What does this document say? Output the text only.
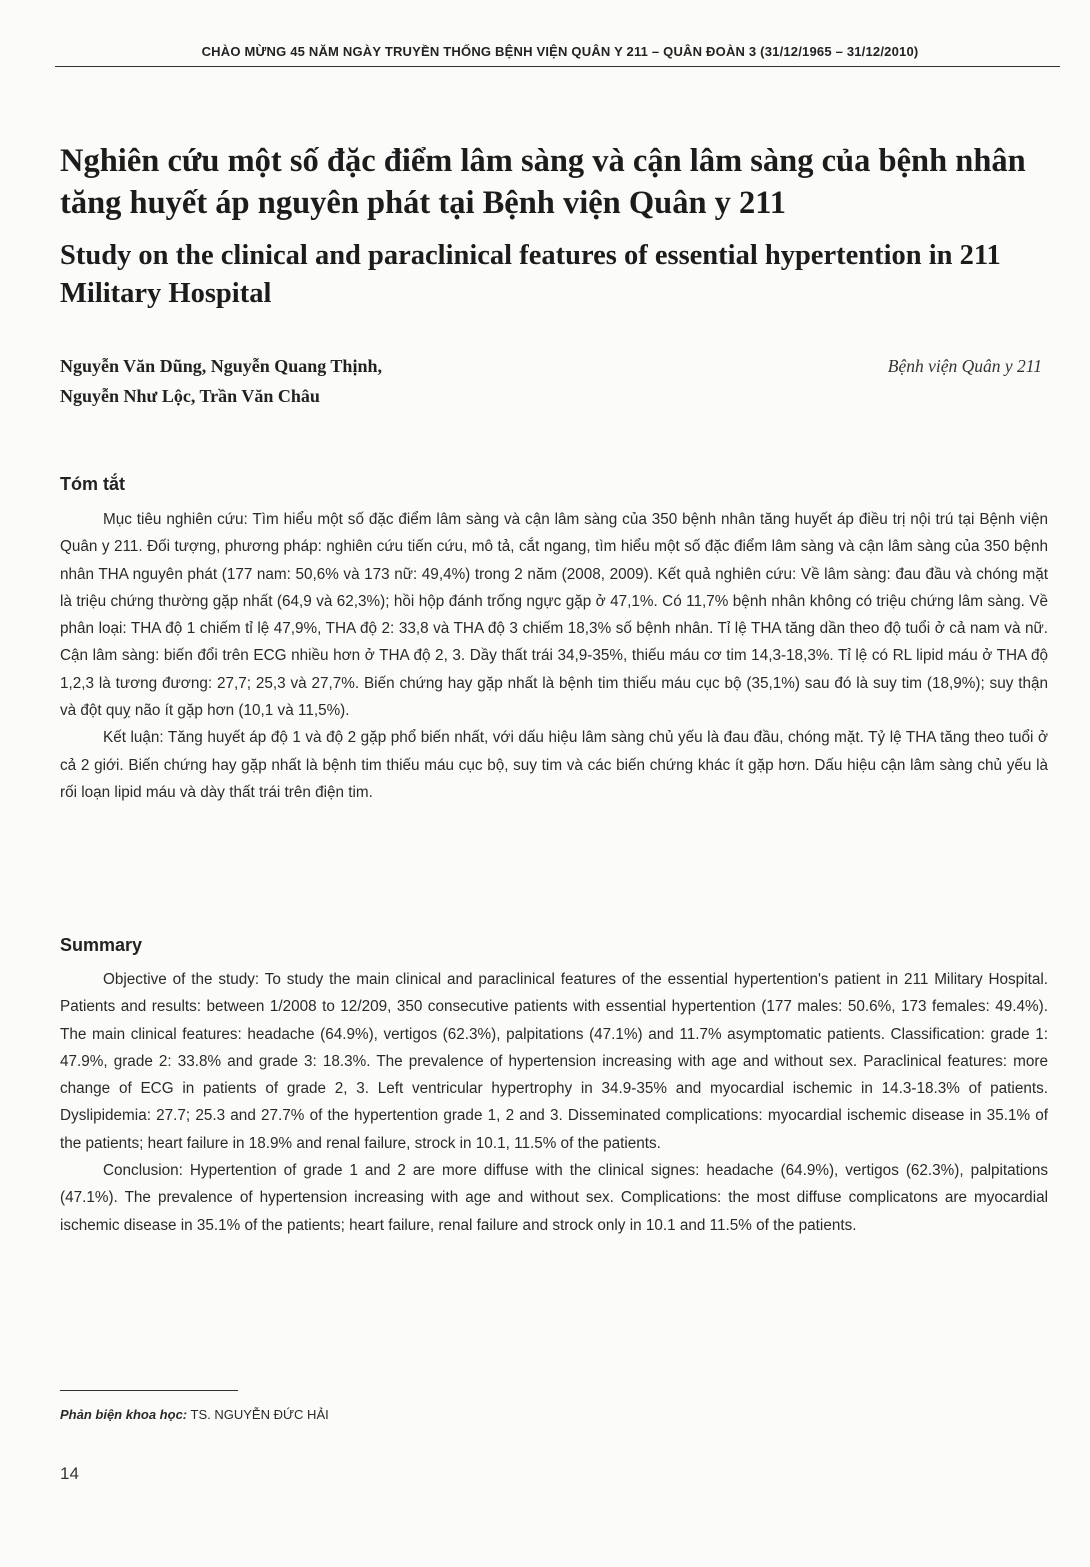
CHÀO MỪNG 45 NĂM NGÀY TRUYỀN THỐNG BỆNH VIỆN QUÂN Y 211 – QUÂN ĐOÀN 3 (31/12/1965 – 31/12/2010)
Nghiên cứu một số đặc điểm lâm sàng và cận lâm sàng của bệnh nhân tăng huyết áp nguyên phát tại Bệnh viện Quân y 211
Study on the clinical and paraclinical features of essential hypertention in 211 Military Hospital
Nguyễn Văn Dũng, Nguyễn Quang Thịnh,
Nguyễn Như Lộc, Trần Văn Châu
Bệnh viện Quân y 211
Tóm tắt

Mục tiêu nghiên cứu: Tìm hiểu một số đặc điểm lâm sàng và cận lâm sàng của 350 bệnh nhân tăng huyết áp điều trị nội trú tại Bệnh viện Quân y 211. Đối tượng, phương pháp: nghiên cứu tiến cứu, mô tả, cắt ngang, tìm hiểu một số đặc điểm lâm sàng và cận lâm sàng của 350 bệnh nhân THA nguyên phát (177 nam: 50,6% và 173 nữ: 49,4%) trong 2 năm (2008, 2009). Kết quả nghiên cứu: Về lâm sàng: đau đầu và chóng mặt là triệu chứng thường gặp nhất (64,9 và 62,3%); hồi hộp đánh trống ngực gặp ở 47,1%. Có 11,7% bệnh nhân không có triệu chứng lâm sàng. Về phân loại: THA độ 1 chiếm tỉ lệ 47,9%, THA độ 2: 33,8 và THA độ 3 chiếm 18,3% số bệnh nhân. Tỉ lệ THA tăng dần theo độ tuổi ở cả nam và nữ. Cận lâm sàng: biến đổi trên ECG nhiều hơn ở THA độ 2, 3. Dầy thất trái 34,9-35%, thiếu máu cơ tim 14,3-18,3%. Tỉ lệ có RL lipid máu ở THA độ 1,2,3 là tương đương: 27,7; 25,3 và 27,7%. Biến chứng hay gặp nhất là bệnh tim thiếu máu cục bộ (35,1%) sau đó là suy tim (18,9%); suy thận và đột quỵ não ít gặp hơn (10,1 và 11,5%).

Kết luận: Tăng huyết áp độ 1 và độ 2 gặp phổ biến nhất, với dấu hiệu lâm sàng chủ yếu là đau đầu, chóng mặt. Tỷ lệ THA tăng theo tuổi ở cả 2 giới. Biến chứng hay gặp nhất là bệnh tim thiếu máu cục bộ, suy tim và các biến chứng khác ít gặp hơn. Dấu hiệu cận lâm sàng chủ yếu là rối loạn lipid máu và dày thất trái trên điện tim.

Summary

Objective of the study: To study the main clinical and paraclinical features of the essential hypertention's patient in 211 Military Hospital. Patients and results: between 1/2008 to 12/209, 350 consecutive patients with essential hypertention (177 males: 50.6%, 173 females: 49.4%). The main clinical features: headache (64.9%), vertigos (62.3%), palpitations (47.1%) and 11.7% asymptomatic patients. Classification: grade 1: 47.9%, grade 2: 33.8% and grade 3: 18.3%. The prevalence of hypertension increasing with age and without sex. Paraclinical features: more change of ECG in patients of grade 2, 3. Left ventricular hypertrophy in 34.9-35% and myocardial ischemic in 14.3-18.3% of patients. Dyslipidemia: 27.7; 25.3 and 27.7% of the hypertention grade 1, 2 and 3. Disseminated complications: myocardial ischemic disease in 35.1% of the patients; heart failure in 18.9% and renal failure, strock in 10.1, 11.5% of the patients.

Conclusion: Hypertention of grade 1 and 2 are more diffuse with the clinical signes: headache (64.9%), vertigos (62.3%), palpitations (47.1%). The prevalence of hypertension increasing with age and without sex. Complications: the most diffuse complicatons are myocardial ischemic disease in 35.1% of the patients; heart failure, renal failure and strock only in 10.1 and 11.5% of the patients.

Phản biện khoa học: TS. NGUYỄN ĐỨC HẢI
14
